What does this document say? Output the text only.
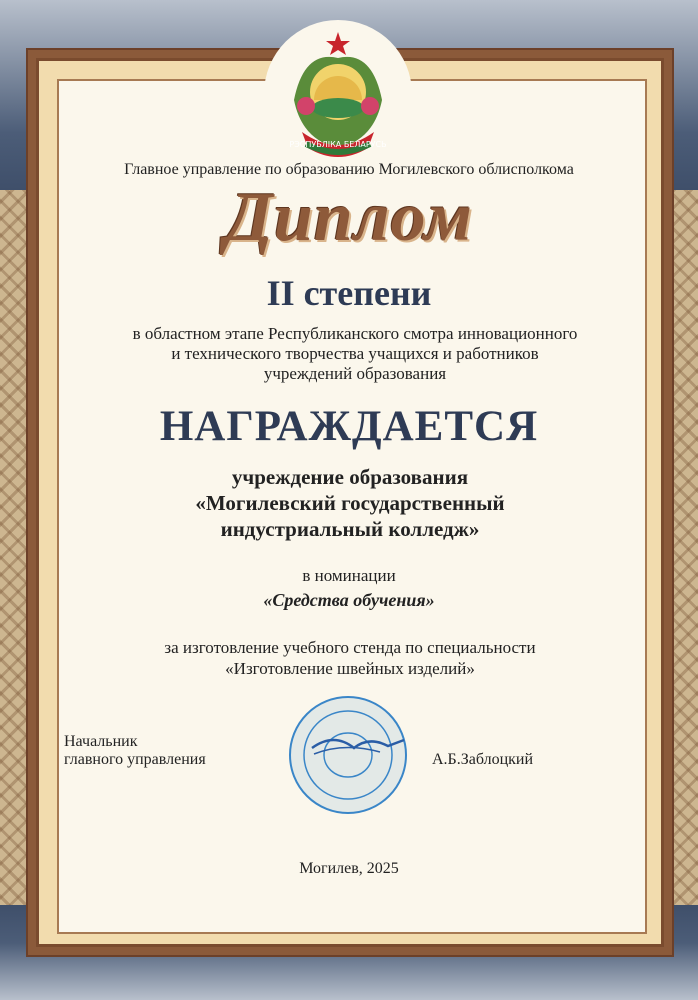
РЭСПУБЛІКА БЕЛАРУСЬ

Главное управление по образованию Могилевского облисполкома

Диплом

II степени

в областном этапе Республиканского смотра инновационного
и технического творчества учащихся и работников
учреждений образования

НАГРАЖДАЕТСЯ

учреждение образования
«Могилевский государственный
индустриальный колледж»

в номинации

«Средства обучения»

за изготовление учебного стенда по специальности
«Изготовление швейных изделий»
Начальник
главного управления	А.Б.Заблоцкий

Могилев, 2025
